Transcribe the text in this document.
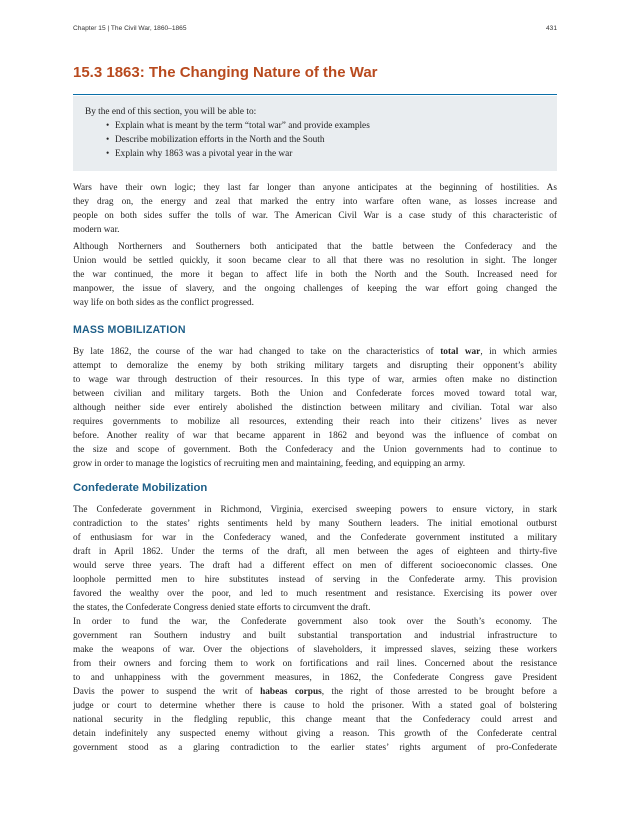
Chapter 15 | The Civil War, 1860–1865	431
15.3 1863: The Changing Nature of the War
By the end of this section, you will be able to:
• Explain what is meant by the term “total war” and provide examples
• Describe mobilization efforts in the North and the South
• Explain why 1863 was a pivotal year in the war

Wars have their own logic; they last far longer than anyone anticipates at the beginning of hostilities. As
they drag on, the energy and zeal that marked the entry into warfare often wane, as losses increase and
people on both sides suffer the tolls of war. The American Civil War is a case study of this characteristic of
modern war.

Although Northerners and Southerners both anticipated that the battle between the Confederacy and the
Union would be settled quickly, it soon became clear to all that there was no resolution in sight. The longer
the war continued, the more it began to affect life in both the North and the South. Increased need for
manpower, the issue of slavery, and the ongoing challenges of keeping the war effort going changed the
way life on both sides as the conflict progressed.

MASS MOBILIZATION

By late 1862, the course of the war had changed to take on the characteristics of total war, in which armies
attempt to demoralize the enemy by both striking military targets and disrupting their opponent’s ability
to wage war through destruction of their resources. In this type of war, armies often make no distinction
between civilian and military targets. Both the Union and Confederate forces moved toward total war,
although neither side ever entirely abolished the distinction between military and civilian. Total war also
requires governments to mobilize all resources, extending their reach into their citizens’ lives as never
before. Another reality of war that became apparent in 1862 and beyond was the influence of combat on
the size and scope of government. Both the Confederacy and the Union governments had to continue to
grow in order to manage the logistics of recruiting men and maintaining, feeding, and equipping an army.

Confederate Mobilization

The Confederate government in Richmond, Virginia, exercised sweeping powers to ensure victory, in stark
contradiction to the states’ rights sentiments held by many Southern leaders. The initial emotional outburst
of enthusiasm for war in the Confederacy waned, and the Confederate government instituted a military
draft in April 1862. Under the terms of the draft, all men between the ages of eighteen and thirty-five
would serve three years. The draft had a different effect on men of different socioeconomic classes. One
loophole permitted men to hire substitutes instead of serving in the Confederate army. This provision
favored the wealthy over the poor, and led to much resentment and resistance. Exercising its power over
the states, the Confederate Congress denied state efforts to circumvent the draft.

In order to fund the war, the Confederate government also took over the South’s economy. The
government ran Southern industry and built substantial transportation and industrial infrastructure to
make the weapons of war. Over the objections of slaveholders, it impressed slaves, seizing these workers
from their owners and forcing them to work on fortifications and rail lines. Concerned about the resistance
to and unhappiness with the government measures, in 1862, the Confederate Congress gave President
Davis the power to suspend the writ of habeas corpus, the right of those arrested to be brought before a
judge or court to determine whether there is cause to hold the prisoner. With a stated goal of bolstering
national security in the fledgling republic, this change meant that the Confederacy could arrest and
detain indefinitely any suspected enemy without giving a reason. This growth of the Confederate central
government stood as a glaring contradiction to the earlier states’ rights argument of pro-Confederate
